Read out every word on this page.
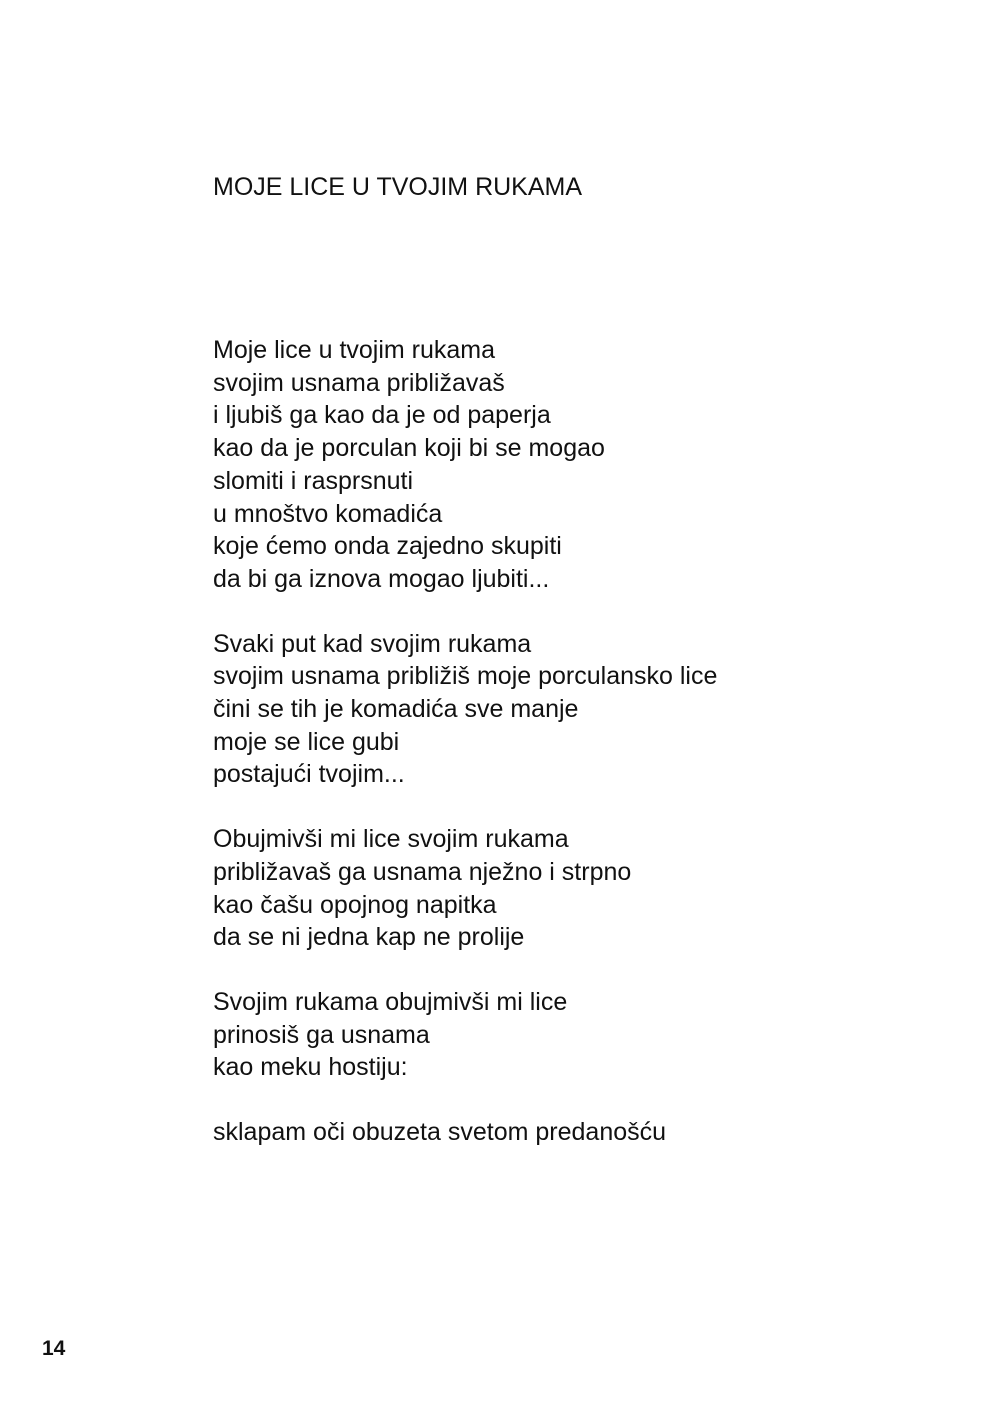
MOJE LICE U TVOJIM RUKAMA
Moje lice u tvojim rukama
svojim usnama približavaš
i ljubiš ga kao da je od paperja
kao da je porculan koji bi se mogao
slomiti i rasprsnuti
u mnoštvo komadića
koje ćemo onda zajedno skupiti
da bi ga iznova mogao ljubiti...
Svaki put kad svojim rukama
svojim usnama približiš moje porculansko lice
čini se tih je komadića sve manje
moje se lice gubi
postajući tvojim...
Obujmivši mi lice svojim rukama
približavaš ga usnama nježno i strpno
kao čašu opojnog napitka
da se ni jedna kap ne prolije
Svojim rukama obujmivši mi lice
prinosiš ga usnama
kao meku hostiju:
sklapam oči obuzeta svetom predanošću
14
